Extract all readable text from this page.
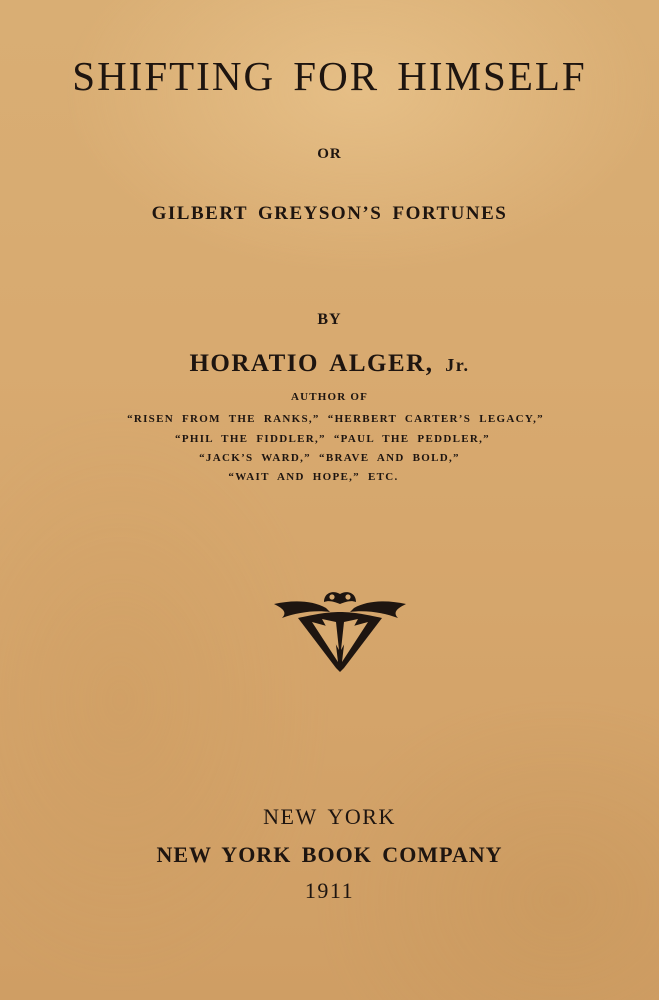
SHIFTING FOR HIMSELF

OR

GILBERT GREYSON’S FORTUNES

BY

HORATIO ALGER, Jr.

AUTHOR OF

“RISEN FROM THE RANKS,” “HERBERT CARTER’S LEGACY,”

“PHIL THE FIDDLER,” “PAUL THE PEDDLER,”

“JACK’S WARD,” “BRAVE AND BOLD,”

“WAIT AND HOPE,” ETC.

NEW YORK

NEW YORK BOOK COMPANY

1911
